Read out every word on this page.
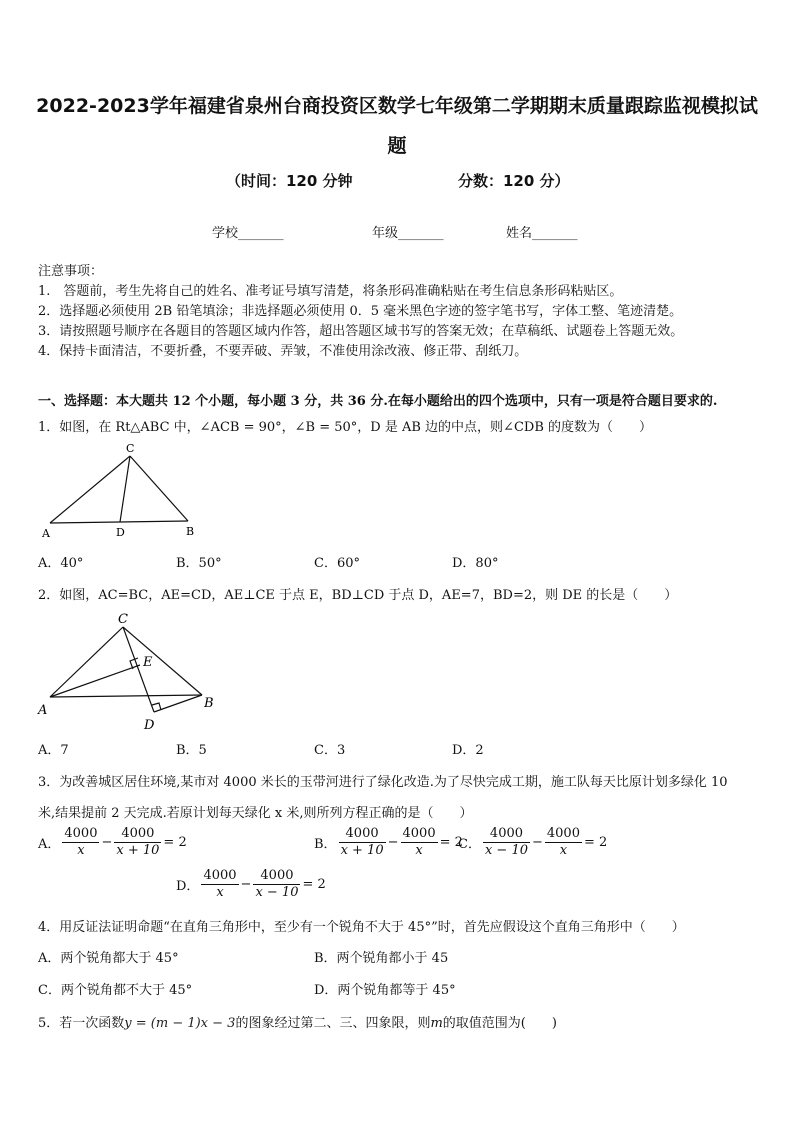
2022-2023学年福建省泉州台商投资区数学七年级第二学期期末质量跟踪监视模拟试
题
（时间：120 分钟	分数：120 分）
学校_______	年级_______	姓名_______
注意事项：
1.　答题前，考生先将自己的姓名、准考证号填写清楚，将条形码准确粘贴在考生信息条形码粘贴区。
2．选择题必须使用 2B 铅笔填涂；非选择题必须使用 0．5 毫米黑色字迹的签字笔书写，字体工整、笔迹清楚。
3．请按照题号顺序在各题目的答题区域内作答，超出答题区域书写的答案无效；在草稿纸、试题卷上答题无效。
4．保持卡面清洁，不要折叠，不要弄破、弄皱，不准使用涂改液、修正带、刮纸刀。
一、选择题：本大题共 12 个小题，每小题 3 分，共 36 分.在每小题给出的四个选项中，只有一项是符合题目要求的.
1．如图，在 Rt△ABC 中，∠ACB = 90°，∠B = 50°，D 是 AB 边的中点，则∠CDB 的度数为（　　）
A	B
C
D
A．40°	B．50°	C．60°	D．80°
2．如图，AC=BC，AE=CD，AE⊥CE 于点 E，BD⊥CD 于点 D，AE=7，BD=2，则 DE 的长是（　　）
C
E
A	B
D
A．7	B．5	C．3	D．2
3．为改善城区居住环境,某市对 4000 米长的玉带河进行了绿化改造.为了尽快完成工期，施工队每天比原计划多绿化 10
米,结果提前 2 天完成.若原计划每天绿化 x 米,则所列方程正确的是（　　）
A． $\frac{4000}{x} - \frac{4000}{x + 10} = 2$	B． $\frac{4000}{x + 10} - \frac{4000}{x} = 2$
C． $\frac{4000}{x - 10} - \frac{4000}{x} = 2$
D． $\frac{4000}{x} - \frac{4000}{x - 10} = 2$
4．用反证法证明命题“在直角三角形中，至少有一个锐角不大于 45°”时，首先应假设这个直角三角形中（　　）
A．两个锐角都大于 45°	B．两个锐角都小于 45
C．两个锐角都不大于 45°	D．两个锐角都等于 45°
5．若一次函数y = (m − 1)x − 3的图象经过第二、三、四象限，则m的取值范围为(　　)
